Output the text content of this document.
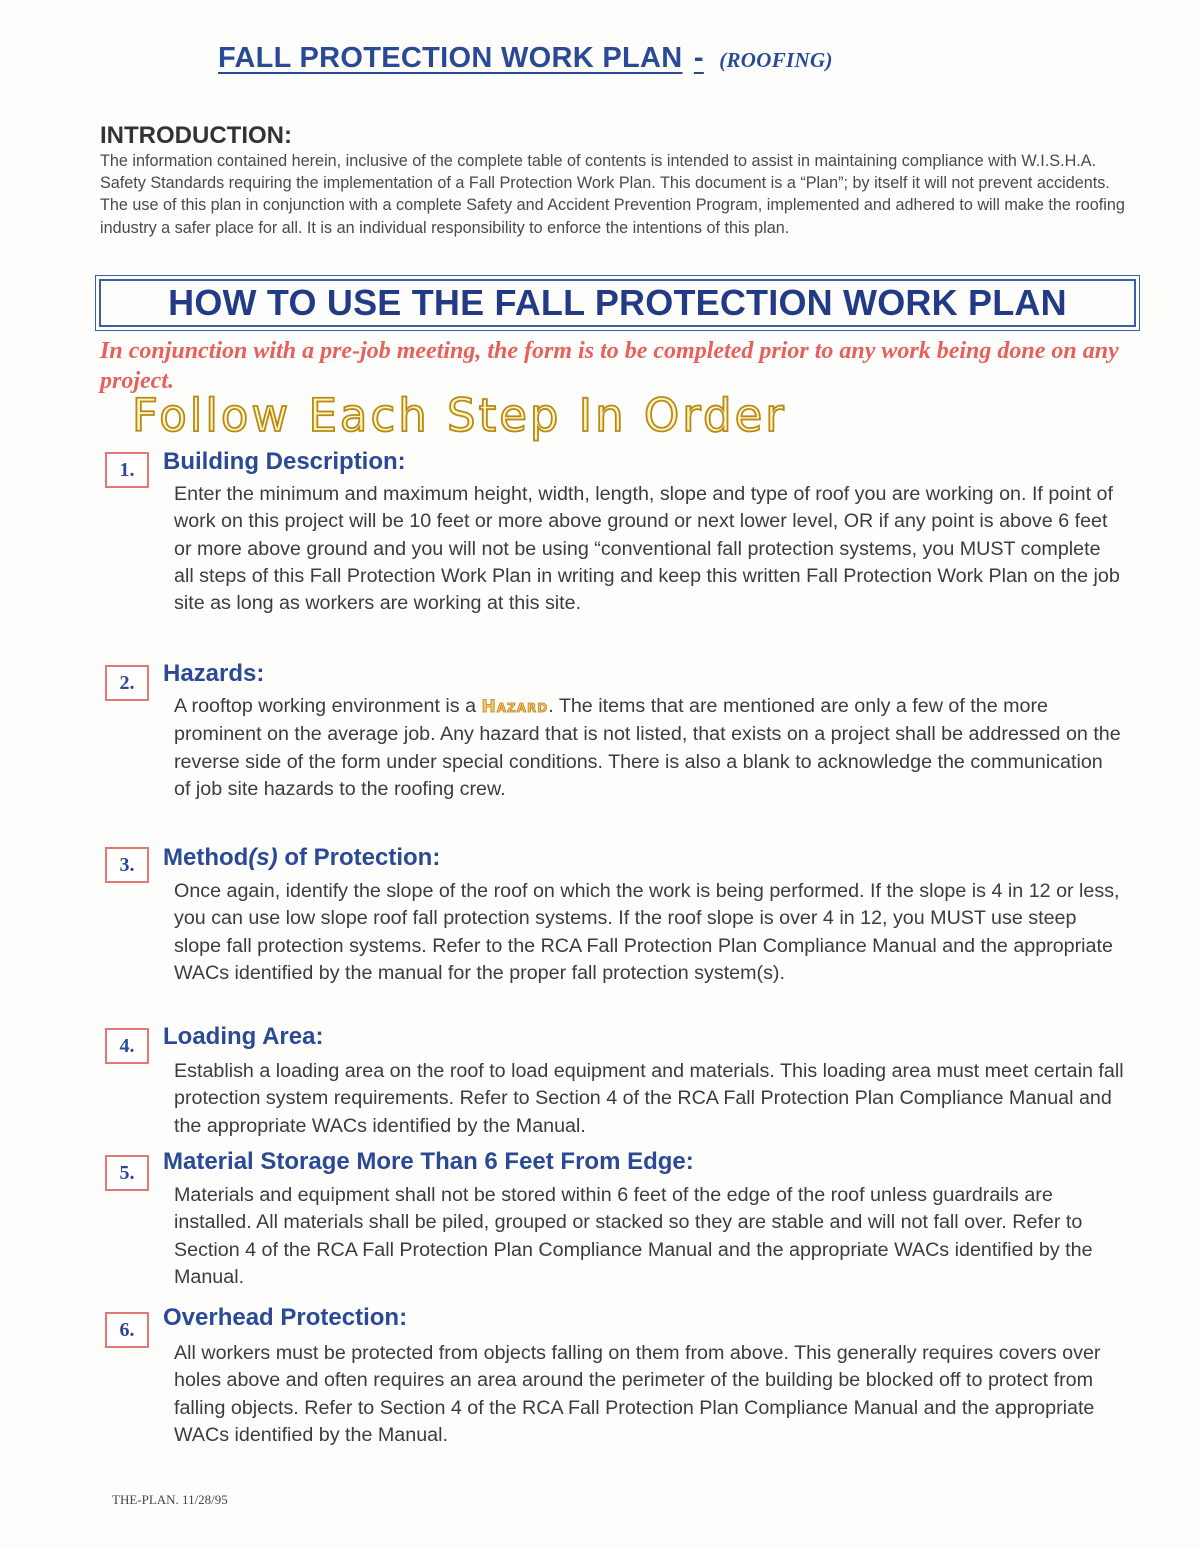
FALL PROTECTION WORK PLAN - (ROOFING)
INTRODUCTION:
The information contained herein, inclusive of the complete table of contents is intended to assist in maintaining compliance with W.I.S.H.A. Safety Standards requiring the implementation of a Fall Protection Work Plan. This document is a “Plan”; by itself it will not prevent accidents. The use of this plan in conjunction with a complete Safety and Accident Prevention Program, implemented and adhered to will make the roofing industry a safer place for all. It is an individual responsibility to enforce the intentions of this plan.
HOW TO USE THE FALL PROTECTION WORK PLAN
In conjunction with a pre-job meeting, the form is to be completed prior to any work being done on any project.
Follow Each Step In Order
1.	Building Description:
Enter the minimum and maximum height, width, length, slope and type of roof you are working on. If point of work on this project will be 10 feet or more above ground or next lower level, OR if any point is above 6 feet or more above ground and you will not be using “conventional fall protection systems, you MUST complete all steps of this Fall Protection Work Plan in writing and keep this written Fall Protection Work Plan on the job site as long as workers are working at this site.
2.	Hazards:
A rooftop working environment is a Hazard. The items that are mentioned are only a few of the more prominent on the average job. Any hazard that is not listed, that exists on a project shall be addressed on the reverse side of the form under special conditions. There is also a blank to acknowledge the communication of job site hazards to the roofing crew.
3.	Method(s) of Protection:
Once again, identify the slope of the roof on which the work is being performed. If the slope is 4 in 12 or less, you can use low slope roof fall protection systems. If the roof slope is over 4 in 12, you MUST use steep slope fall protection systems. Refer to the RCA Fall Protection Plan Compliance Manual and the appropriate WACs identified by the manual for the proper fall protection system(s).
4.	Loading Area:
Establish a loading area on the roof to load equipment and materials. This loading area must meet certain fall protection system requirements. Refer to Section 4 of the RCA Fall Protection Plan Compliance Manual and the appropriate WACs identified by the Manual.
5.	Material Storage More Than 6 Feet From Edge:
Materials and equipment shall not be stored within 6 feet of the edge of the roof unless guardrails are installed. All materials shall be piled, grouped or stacked so they are stable and will not fall over. Refer to Section 4 of the RCA Fall Protection Plan Compliance Manual and the appropriate WACs identified by the Manual.
6.	Overhead Protection:
All workers must be protected from objects falling on them from above. This generally requires covers over holes above and often requires an area around the perimeter of the building be blocked off to protect from falling objects. Refer to Section 4 of the RCA Fall Protection Plan Compliance Manual and the appropriate WACs identified by the Manual.
THE-PLAN. 11/28/95
